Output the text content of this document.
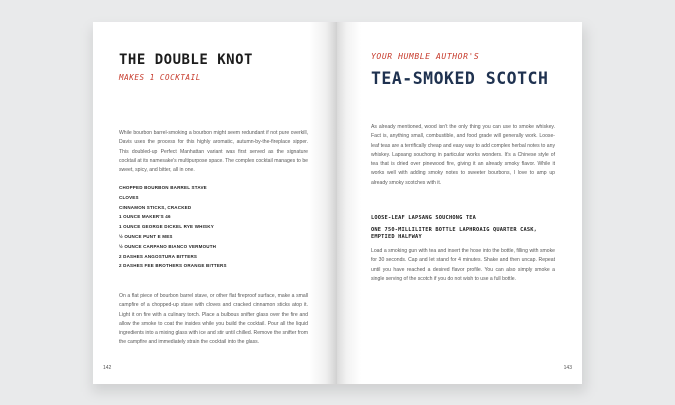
THE DOUBLE KNOT
MAKES 1 COCKTAIL

While bourbon barrel-smoking a bourbon might seem redundant if not pure overkill, Davis uses the process for this highly aromatic, autumn-by-the-fireplace sipper. This doubled-up Perfect Manhattan variant was first served as the signature cocktail at its namesake's multipurpose space. The complex cocktail manages to be sweet, spicy, and bitter, all in one.

CHOPPED BOURBON BARREL STAVE
CLOVES
CINNAMON STICKS, CRACKED
1 OUNCE MAKER'S 46
1 OUNCE GEORGE DICKEL RYE WHISKY
½ OUNCE PUNT E MES
½ OUNCE CARPANO BIANCO VERMOUTH
2 DASHES ANGOSTURA BITTERS
2 DASHES FEE BROTHERS ORANGE BITTERS

On a flat piece of bourbon barrel stave, or other flat fireproof surface, make a small campfire of a chopped-up stave with cloves and cracked cinnamon sticks atop it. Light it on fire with a culinary torch. Place a bulbous snifter glass over the fire and allow the smoke to coat the insides while you build the cocktail. Pour all the liquid ingredients into a mixing glass with ice and stir until chilled. Remove the snifter from the campfire and immediately strain the cocktail into the glass.

142
YOUR HUMBLE AUTHOR'S
TEA-SMOKED SCOTCH

As already mentioned, wood isn't the only thing you can use to smoke whiskey. Fact is, anything small, combustible, and food grade will generally work. Loose-leaf teas are a terrifically cheap and easy way to add complex herbal notes to any whiskey. Lapsang souchong in particular works wonders. It's a Chinese style of tea that is dried over pinewood fire, giving it an already smoky flavor. While it works well with adding smoky notes to sweeter bourbons, I love to amp up already smoky scotches with it.

LOOSE-LEAF LAPSANG SOUCHONG TEA

ONE 750-MILLILITER BOTTLE LAPHROAIG QUARTER CASK, EMPTIED HALFWAY

Load a smoking gun with tea and insert the hose into the bottle, filling with smoke for 30 seconds. Cap and let stand for 4 minutes. Shake and then uncap. Repeat until you have reached a desired flavor profile. You can also simply smoke a single serving of the scotch if you do not wish to use a full bottle.

143
